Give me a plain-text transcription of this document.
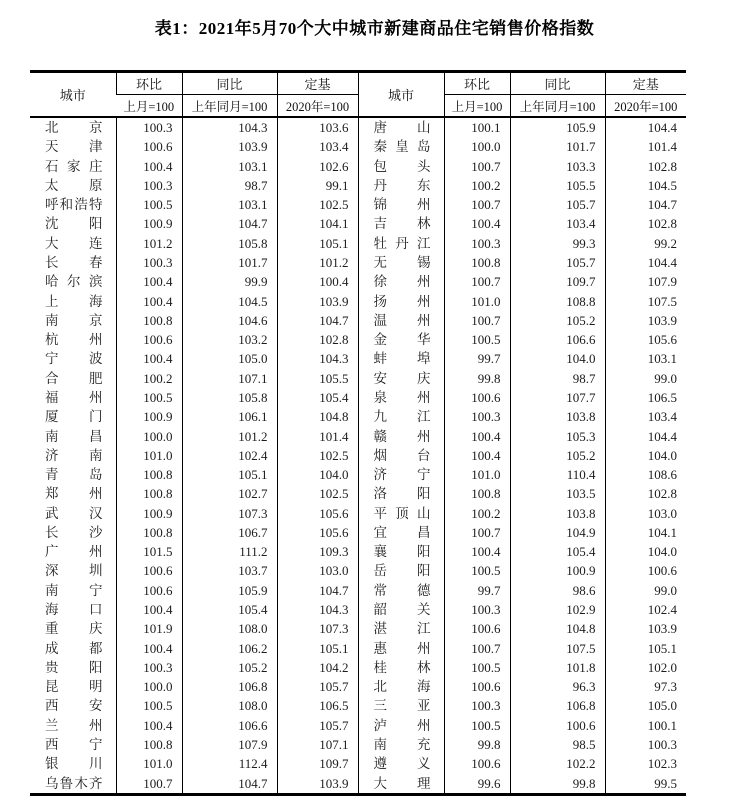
表1：2021年5月70个大中城市新建商品住宅销售价格指数
城市	环比	同比	定基	城市	环比	同比	定基
	上月=100	上年同月=100	2020年=100		上月=100	上年同月=100	2020年=100

北京	100.3	104.3	103.6	唐山	100.1	105.9	104.4

天津	100.6	103.9	103.4	秦皇岛	100.0	101.7	101.4

石家庄	100.4	103.1	102.6	包头	100.7	103.3	102.8

太原	100.3	98.7	99.1	丹东	100.2	105.5	104.5

呼和浩特	100.5	103.1	102.5	锦州	100.7	105.7	104.7

沈阳	100.9	104.7	104.1	吉林	100.4	103.4	102.8

大连	101.2	105.8	105.1	牡丹江	100.3	99.3	99.2

长春	100.3	101.7	101.2	无锡	100.8	105.7	104.4

哈尔滨	100.4	99.9	100.4	徐州	100.7	109.7	107.9

上海	100.4	104.5	103.9	扬州	101.0	108.8	107.5

南京	100.8	104.6	104.7	温州	100.7	105.2	103.9

杭州	100.6	103.2	102.8	金华	100.5	106.6	105.6

宁波	100.4	105.0	104.3	蚌埠	99.7	104.0	103.1

合肥	100.2	107.1	105.5	安庆	99.8	98.7	99.0

福州	100.5	105.8	105.4	泉州	100.6	107.7	106.5

厦门	100.9	106.1	104.8	九江	100.3	103.8	103.4

南昌	100.0	101.2	101.4	赣州	100.4	105.3	104.4

济南	101.0	102.4	102.5	烟台	100.4	105.2	104.0

青岛	100.8	105.1	104.0	济宁	101.0	110.4	108.6

郑州	100.8	102.7	102.5	洛阳	100.8	103.5	102.8

武汉	100.9	107.3	105.6	平顶山	100.2	103.8	103.0

长沙	100.8	106.7	105.6	宜昌	100.7	104.9	104.1

广州	101.5	111.2	109.3	襄阳	100.4	105.4	104.0

深圳	100.6	103.7	103.0	岳阳	100.5	100.9	100.6

南宁	100.6	105.9	104.7	常德	99.7	98.6	99.0

海口	100.4	105.4	104.3	韶关	100.3	102.9	102.4

重庆	101.9	108.0	107.3	湛江	100.6	104.8	103.9

成都	100.4	106.2	105.1	惠州	100.7	107.5	105.1

贵阳	100.3	105.2	104.2	桂林	100.5	101.8	102.0

昆明	100.0	106.8	105.7	北海	100.6	96.3	97.3

西安	100.5	108.0	106.5	三亚	100.3	106.8	105.0

兰州	100.4	106.6	105.7	泸州	100.5	100.6	100.1

西宁	100.8	107.9	107.1	南充	99.8	98.5	100.3

银川	101.0	112.4	109.7	遵义	100.6	102.2	102.3

乌鲁木齐	100.7	104.7	103.9	大理	99.6	99.8	99.5
